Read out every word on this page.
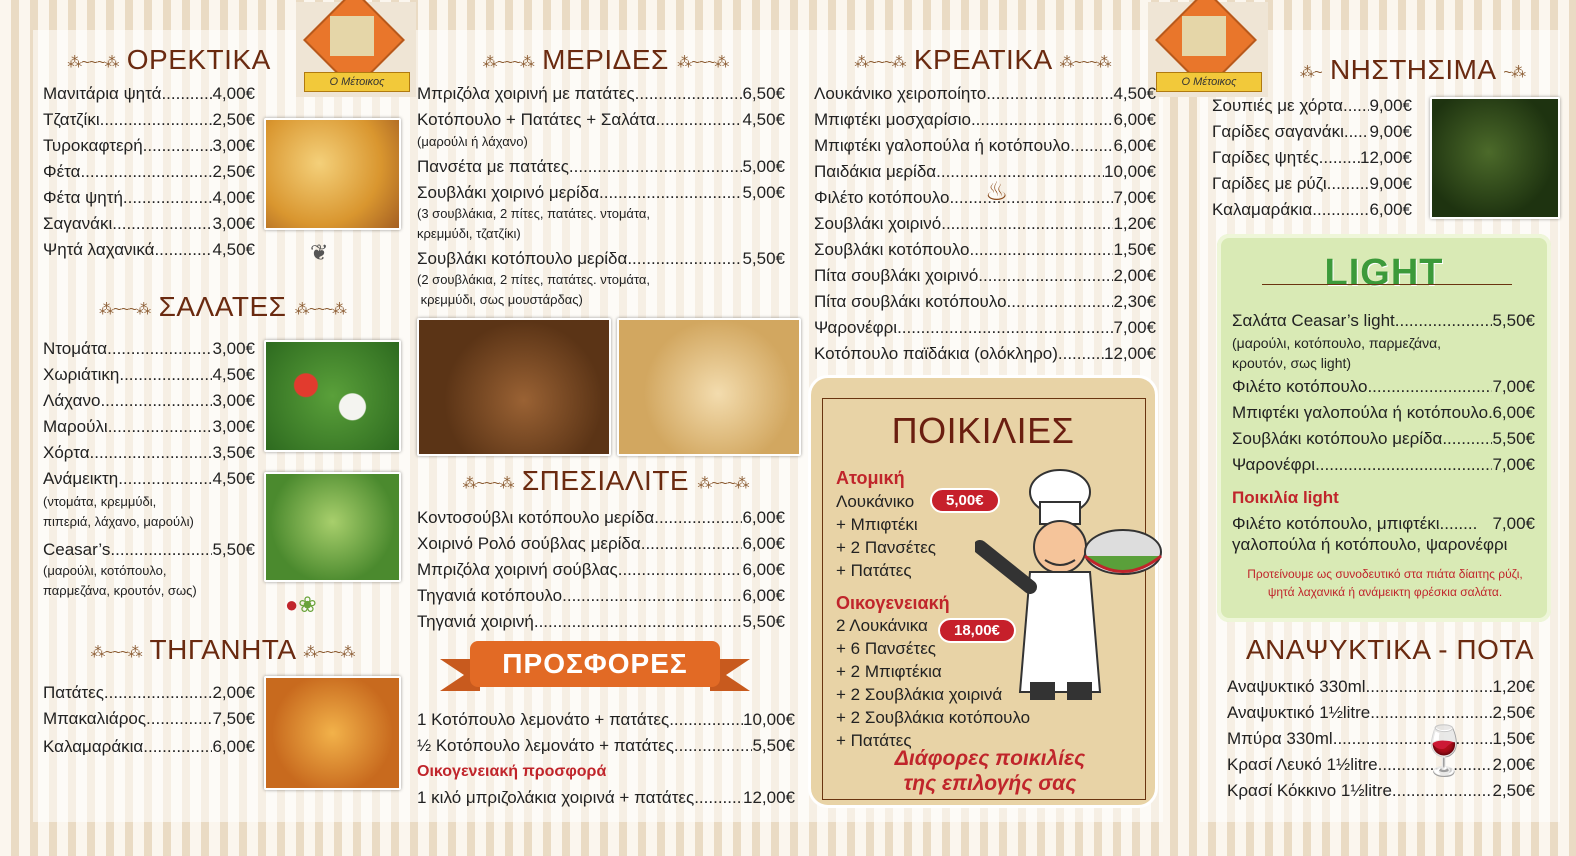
Ο Μέτοικος	Ο Μέτοικος
⁂~~~⁂ ΟΡΕΚΤΙΚΑ
Μανιτάρια ψητά .....	4,00€
Τζατζίκι .....	2,50€
Τυροκαφτερή .....	3,00€
Φέτα .....	2,50€
Φέτα ψητή .....	4,00€
Σαγανάκι .....	3,00€
Ψητά λαχανικά .....	4,50€	❦
⁂~~~⁂ ΣΑΛΑΤΕΣ ⁂~~~⁂
Ντομάτα .....	3,00€
Χωριάτικη .....	4,50€
Λάχανο .....	3,00€
Μαρούλι .....	3,00€
Χόρτα .....	3,50€
Ανάμεικτη .....	4,50€
Ceasar’s .....	5,50€
(ντομάτα, κρεμμύδι,
πιπεριά, λάχανο, μαρούλι)
(μαρούλι, κοτόπουλο,
παρμεζάνα, κρουτόν, σως)
●❀
⁂~~~⁂ ΤΗΓΑΝΗΤΑ ⁂~~~⁂
Πατάτες .....	2,00€
Μπακαλιάρος .....	7,50€
Καλαμαράκια .....	6,00€
⁂~~~⁂ ΜΕΡΙΔΕΣ ⁂~~~⁂
Μπριζόλα χοιρινή με πατάτες .....	6,50€
Κοτόπουλο + Πατάτες + Σαλάτα .....	4,50€
Πανσέτα με πατάτες .....	5,00€
Σουβλάκι χοιρινό μερίδα .....	5,00€
Σουβλάκι κοτόπουλο μερίδα .....	5,50€
(μαρούλι ή λάχανο)
(3 σουβλάκια, 2 πίτες, πατάτες. ντομάτα,
κρεμμύδι, τζατζίκι)
(2 σουβλάκια, 2 πίτες, πατάτες. ντομάτα,
κρεμμύδι, σως μουστάρδας)
⁂~~~⁂ ΣΠΕΣΙΑΛΙΤΕ ⁂~~~⁂
Κοντοσούβλι κοτόπουλο μερίδα .....	6,00€
Χοιρινό Ρολό σούβλας μερίδα .....	6,00€
Μπριζόλα χοιρινή σούβλας .....	6,00€
Τηγανιά κοτόπουλο .....	6,00€
Τηγανιά χοιρινή .....	5,50€
ΠΡΟΣΦΟΡΕΣ
1 Κοτόπουλο λεμονάτο + πατάτες .....	10,00€
½ Κοτόπουλο λεμονάτο + πατάτες .....	5,50€
Οικογενειακή προσφορά
1 κιλό μπριζολάκια χοιρινά + πατάτες .....	12,00€
⁂~~~⁂ ΚΡΕΑΤΙΚΑ ⁂~~~⁂
Λουκάνικο χειροποίητο .....	4,50€
Μπιφτέκι μοσχαρίσιο .....	6,00€
Μπιφτέκι γαλοπούλα ή κοτόπουλο .....	6,00€
Παιδάκια μερίδα .....	10,00€
Φιλέτο κοτόπουλο .....	7,00€
Σουβλάκι χοιρινό .....	1,20€
Σουβλάκι κοτόπουλο .....	1,50€
Πίτα σουβλάκι χοιρινό .....	2,00€
Πίτα σουβλάκι κοτόπουλο .....	2,30€
Ψαρονέφρι .....	7,00€
Κοτόπουλο παϊδάκια (ολόκληρο) .....	12,00€
♨
ΠΟΙΚΙΛΙΕΣ
Ατομική
5,00€
Λουκάνικο
+ Μπιφτέκι
+ 2 Πανσέτες
+ Πατάτες
Οικογενειακή
18,00€
2 Λουκάνικα
+ 6 Πανσέτες
+ 2 Μπιφτέκια
+ 2 Σουβλάκια χοιρινά
+ 2 Σουβλάκια κοτόπουλο
+ Πατάτες
Διάφορες ποικιλίες
της επιλογής σας
⁂~ ΝΗΣΤΗΣΙΜΑ ~⁂
Σουπιές με χόρτα ..... 9,00€
Γαρίδες σαγανάκι ..... 9,00€
Γαρίδες ψητές ..... 12,00€
Γαρίδες με ρύζι .....	9,00€
Καλαμαράκια .....	6,00€
LIGHT
Σαλάτα Ceasar’s light .....	5,50€
Φιλέτο κοτόπουλο .....	7,00€
Μπιφτέκι γαλοπούλα ή κοτόπουλο ..... 6,00€
Σουβλάκι κοτόπουλο μερίδα .....	5,50€
Ψαρονέφρι .....	7,00€
(μαρούλι, κοτόπουλο, παρμεζάνα,
κρουτόν, σως light)
Ποικιλία light
Φιλέτο κοτόπουλο, μπιφτέκι........ 7,00€
γαλοπούλα ή κοτόπουλο, ψαρονέφρι
Προτείνουμε ως συνοδευτικό στα πιάτα δίαιτης ρύζι,
ψητά λαχανικά ή ανάμεικτη φρέσκια σαλάτα.
ΑΝΑΨΥΚΤΙΚΑ - ΠΟΤΑ
Αναψυκτικό 330ml .....	1,20€
Αναψυκτικό 1½litre .....	2,50€
Μπύρα 330ml .....	1,50€
Κρασί Λευκό 1½litre .....	2,00€
Κρασί Κόκκινο 1½litre .....	2,50€
🍷
